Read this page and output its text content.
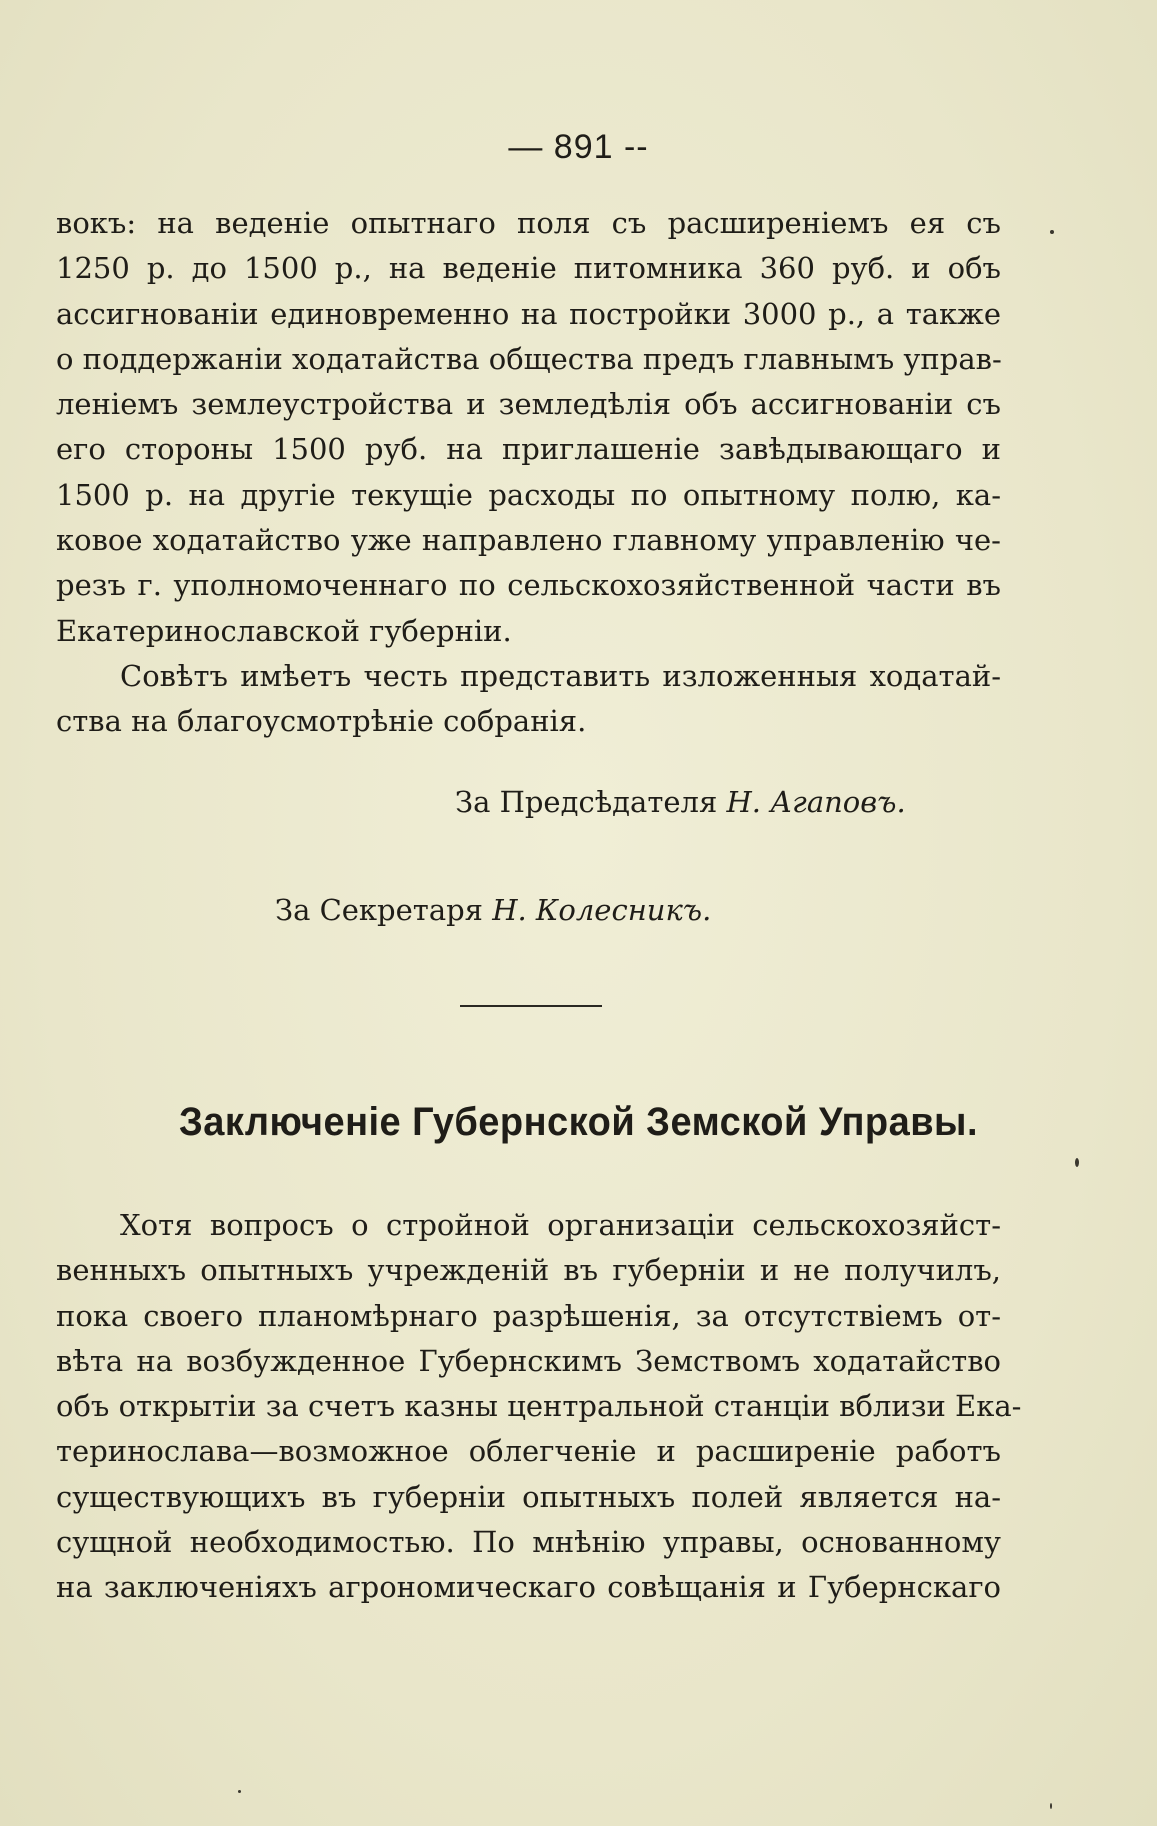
— 891 --
вокъ: на веденіе опытнаго поля съ расширеніемъ ея съ
1250 р. до 1500 р., на веденіе питомника 360 руб. и объ
ассигнованіи единовременно на постройки 3000 р., а также
о поддержаніи ходатайства общества предъ главнымъ управ-
леніемъ землеустройства и земледѣлія объ ассигнованіи съ
его стороны 1500 руб. на приглашеніе завѣдывающаго и
1500 р. на другіе текущіе расходы по опытному полю, ка-
ковое ходатайство уже направлено главному управленію че-
резъ г. уполномоченнаго по сельскохозяйственной части въ
Екатеринославской губерніи.
Совѣтъ имѣетъ честь представить изложенныя ходатай-
ства на благоусмотрѣніе собранія.
За Предсѣдателя Н. Агаповъ.
За Секретаря Н. Колесникъ.
Заключеніе Губернской Земской Управы.
Хотя вопросъ о стройной организаціи сельскохозяйст-
венныхъ опытныхъ учрежденій въ губерніи и не получилъ,
пока своего планомѣрнаго разрѣшенія, за отсутствіемъ от-
вѣта на возбужденное Губернскимъ Земствомъ ходатайство
объ открытіи за счетъ казны центральной станціи вблизи Ека-
теринослава—возможное облегченіе и расширеніе работъ
существующихъ въ губерніи опытныхъ полей является на-
сущной необходимостью. По мнѣнію управы, основанному
на заключеніяхъ агрономическаго совѣщанія и Губернскаго
